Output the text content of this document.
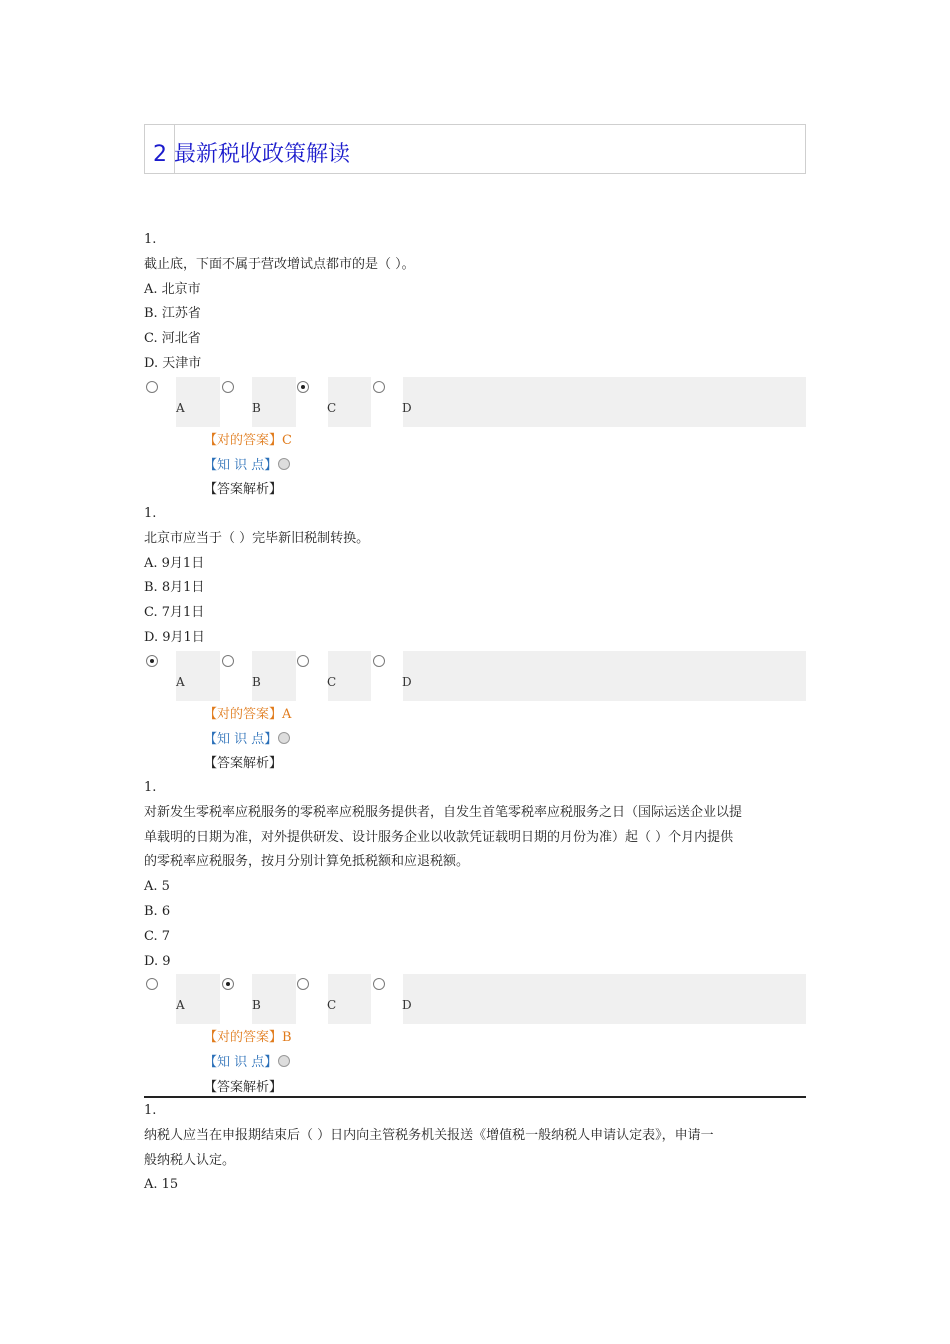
2 最新税收政策解读
1.
截止底，下面不属于营改增试点都市的是（ ）。
A. 北京市
B. 江苏省
C. 河北省
D. 天津市
A	B	C	D
【对的答案】C
【知 识 点】
【答案解析】
1.
北京市应当于（ ）完毕新旧税制转换。
A. 9月1日
B. 8月1日
C. 7月1日
D. 9月1日
A	B	C	D
【对的答案】A
【知 识 点】
【答案解析】
1.
对新发生零税率应税服务的零税率应税服务提供者，自发生首笔零税率应税服务之日（国际运送企业以提
单载明的日期为准，对外提供研发、设计服务企业以收款凭证载明日期的月份为准）起（ ）个月内提供
的零税率应税服务，按月分别计算免抵税额和应退税额。
A. 5
B. 6
C. 7
D. 9
A	B	C	D
【对的答案】B
【知 识 点】
【答案解析】
1.
纳税人应当在申报期结束后（ ）日内向主管税务机关报送《增值税一般纳税人申请认定表》，申请一
般纳税人认定。
A. 15
